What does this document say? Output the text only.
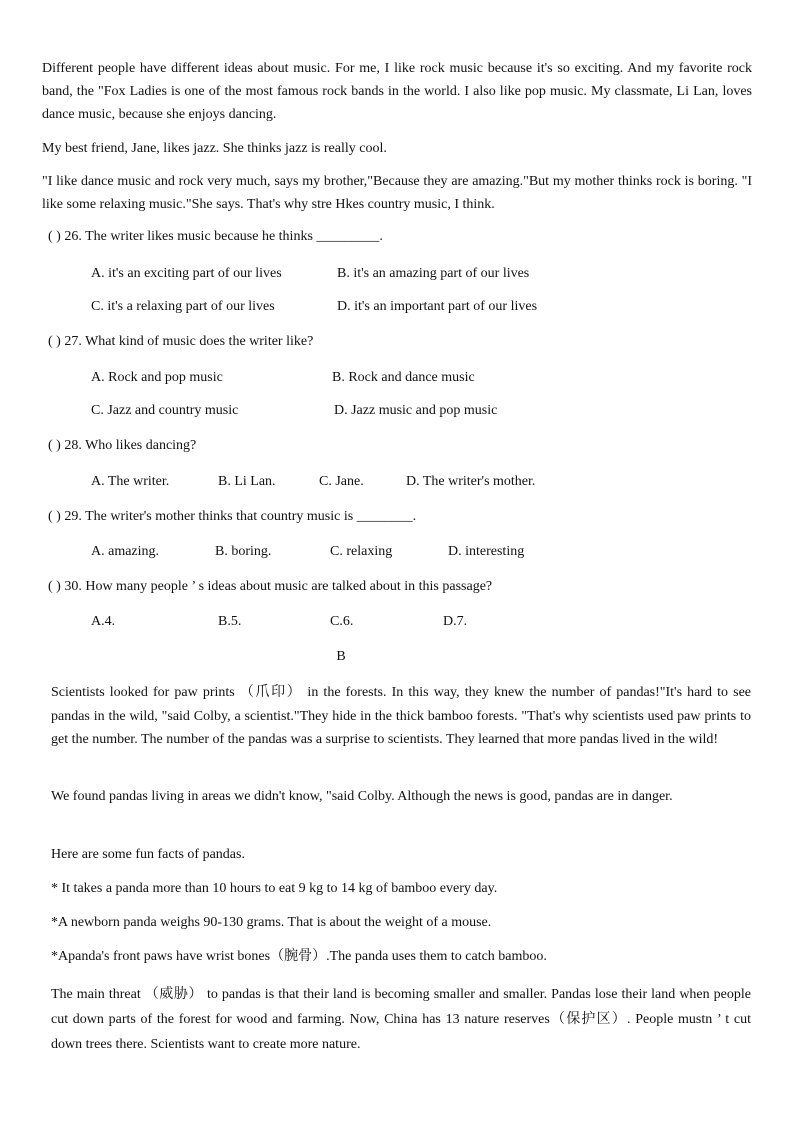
Different people have different ideas about music. For me, I like rock music because it's so exciting. And my favorite rock band, the "Fox Ladies is one of the most famous rock bands in the world. I also like pop music. My classmate, Li Lan, loves dance music, because she enjoys dancing.

My best friend, Jane, likes jazz. She thinks jazz is really cool.

"I like dance music and rock very much, says my brother,"Because they are amazing."But my mother thinks rock is boring. "I like some relaxing music."She says. That's why stre Hkes country music, I think.

( ) 26. The writer likes music because he thinks _________.
A. it's an exciting part of our lives	B. it's an amazing part of our lives
C. it's a relaxing part of our lives	D. it's an important part of our lives
( ) 27. What kind of music does the writer like?
A. Rock and pop music	B. Rock and dance music
C. Jazz and country music	D. Jazz music and pop music
( ) 28. Who likes dancing?
A. The writer.	B. Li Lan.	C. Jane.	D. The writer's mother.
( ) 29. The writer's mother thinks that country music is ________.
A. amazing.	B. boring.	C. relaxing	D. interesting
( ) 30. How many people ’ s ideas about music are talked about in this passage?
A.4.	B.5.	C.6.	D.7.
B

Scientists looked for paw prints （爪印） in the forests. In this way, they knew the number of pandas!"It's hard to see pandas in the wild, "said Colby, a scientist."They hide in the thick bamboo forests. "That's why scientists used paw prints to get the number. The number of the pandas was a surprise to scientists. They learned that more pandas lived in the wild!

We found pandas living in areas we didn't know, "said Colby. Although the news is good, pandas are in danger.

Here are some fun facts of pandas.

* It takes a panda more than 10 hours to eat 9 kg to 14 kg of bamboo every day.

*A newborn panda weighs 90-130 grams. That is about the weight of a mouse.

*Apanda's front paws have wrist bones（腕骨）.The panda uses them to catch bamboo.

The main threat （威胁） to pandas is that their land is becoming smaller and smaller. Pandas lose their land when people cut down parts of the forest for wood and farming. Now, China has 13 nature reserves（保护区）. People mustn ’ t cut down trees there. Scientists want to create more nature.
